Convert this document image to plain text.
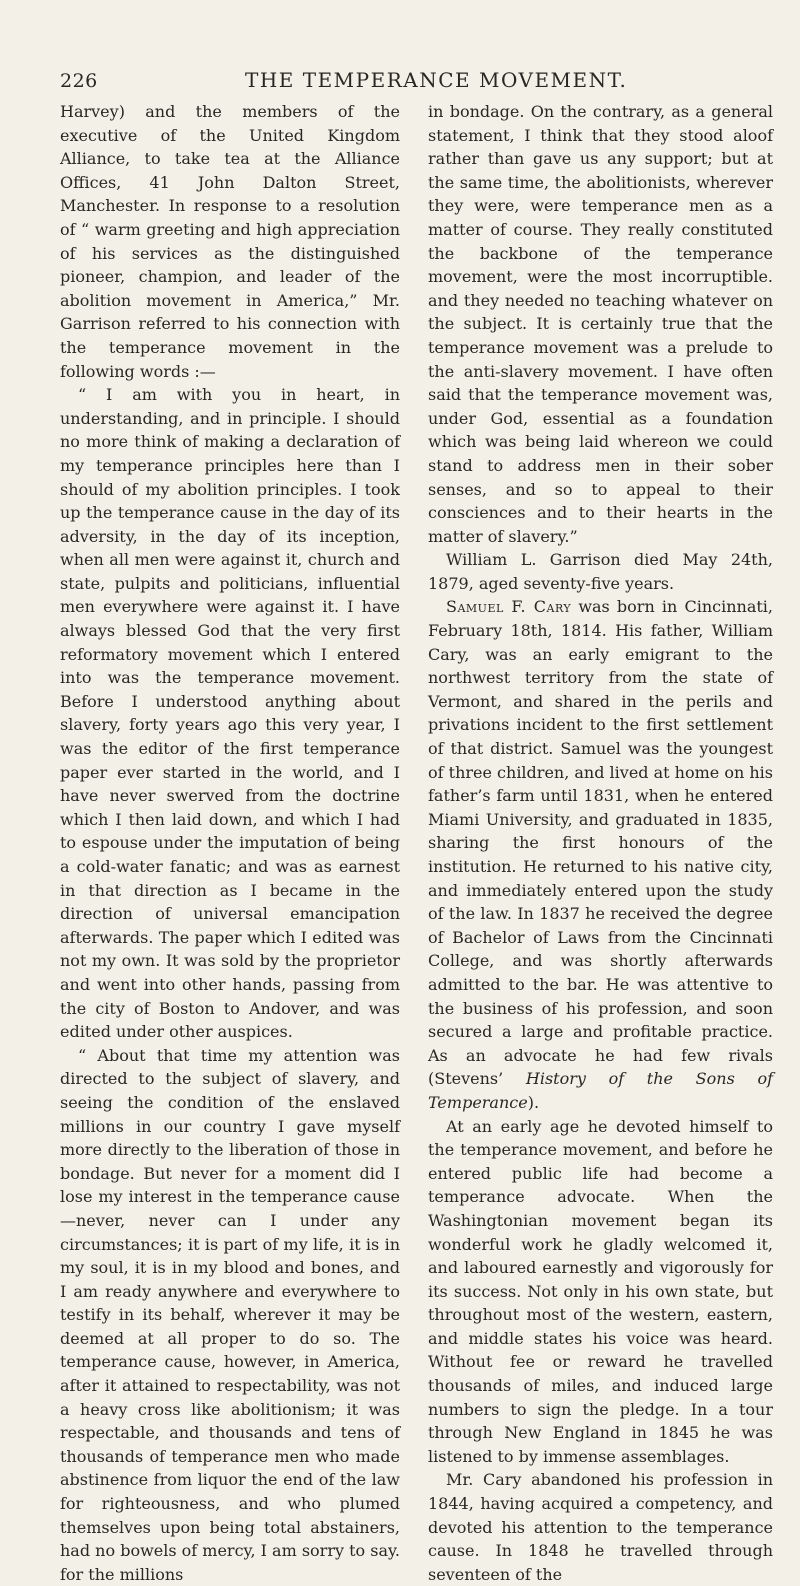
226	THE TEMPERANCE MOVEMENT.

Harvey) and the members of the executive of the United Kingdom Alliance, to take tea at the Alliance Offices, 41 John Dalton Street, Manchester. In response to a resolution of “ warm greeting and high appreciation of his services as the distinguished pioneer, champion, and leader of the abolition movement in America,” Mr. Garrison referred to his connection with the temperance movement in the following words :—

“ I am with you in heart, in understanding, and in principle. I should no more think of making a declaration of my temperance principles here than I should of my abolition principles. I took up the temperance cause in the day of its adversity, in the day of its inception, when all men were against it, church and state, pulpits and politicians, influential men everywhere were against it. I have always blessed God that the very first reformatory movement which I entered into was the temperance movement. Before I understood anything about slavery, forty years ago this very year, I was the editor of the first temperance paper ever started in the world, and I have never swerved from the doctrine which I then laid down, and which I had to espouse under the imputation of being a cold-water fanatic; and was as earnest in that direction as I became in the direction of universal emancipation afterwards. The paper which I edited was not my own. It was sold by the proprietor and went into other hands, passing from the city of Boston to Andover, and was edited under other auspices.

“ About that time my attention was directed to the subject of slavery, and seeing the condition of the enslaved millions in our country I gave myself more directly to the liberation of those in bondage. But never for a moment did I lose my interest in the temperance cause —never, never can I under any circumstances; it is part of my life, it is in my soul, it is in my blood and bones, and I am ready anywhere and everywhere to testify in its behalf, wherever it may be deemed at all proper to do so. The temperance cause, however, in America, after it attained to respectability, was not a heavy cross like abolitionism; it was respectable, and thousands and tens of thousands of temperance men who made abstinence from liquor the end of the law for righteousness, and who plumed themselves upon being total abstainers, had no bowels of mercy, I am sorry to say. for the millions

in bondage. On the contrary, as a general statement, I think that they stood aloof rather than gave us any support; but at the same time, the abolitionists, wherever they were, were temperance men as a matter of course. They really constituted the backbone of the temperance movement, were the most incorruptible. and they needed no teaching whatever on the subject. It is certainly true that the temperance movement was a prelude to the anti-slavery movement. I have often said that the temperance movement was, under God, essential as a foundation which was being laid whereon we could stand to address men in their sober senses, and so to appeal to their consciences and to their hearts in the matter of slavery.”

William L. Garrison died May 24th, 1879, aged seventy-five years.

Samuel F. Cary was born in Cincinnati, February 18th, 1814. His father, William Cary, was an early emigrant to the northwest territory from the state of Vermont, and shared in the perils and privations incident to the first settlement of that district. Samuel was the youngest of three children, and lived at home on his father’s farm until 1831, when he entered Miami University, and graduated in 1835, sharing the first honours of the institution. He returned to his native city, and immediately entered upon the study of the law. In 1837 he received the degree of Bachelor of Laws from the Cincinnati College, and was shortly afterwards admitted to the bar. He was attentive to the business of his profession, and soon secured a large and profitable practice. As an advocate he had few rivals (Stevens’ History of the Sons of Temperance).

At an early age he devoted himself to the temperance movement, and before he entered public life had become a temperance advocate. When the Washingtonian movement began its wonderful work he gladly welcomed it, and laboured earnestly and vigorously for its success. Not only in his own state, but throughout most of the western, eastern, and middle states his voice was heard. Without fee or reward he travelled thousands of miles, and induced large numbers to sign the pledge. In a tour through New England in 1845 he was listened to by immense assemblages.

Mr. Cary abandoned his profession in 1844, having acquired a competency, and devoted his attention to the temperance cause. In 1848 he travelled through seventeen of the
